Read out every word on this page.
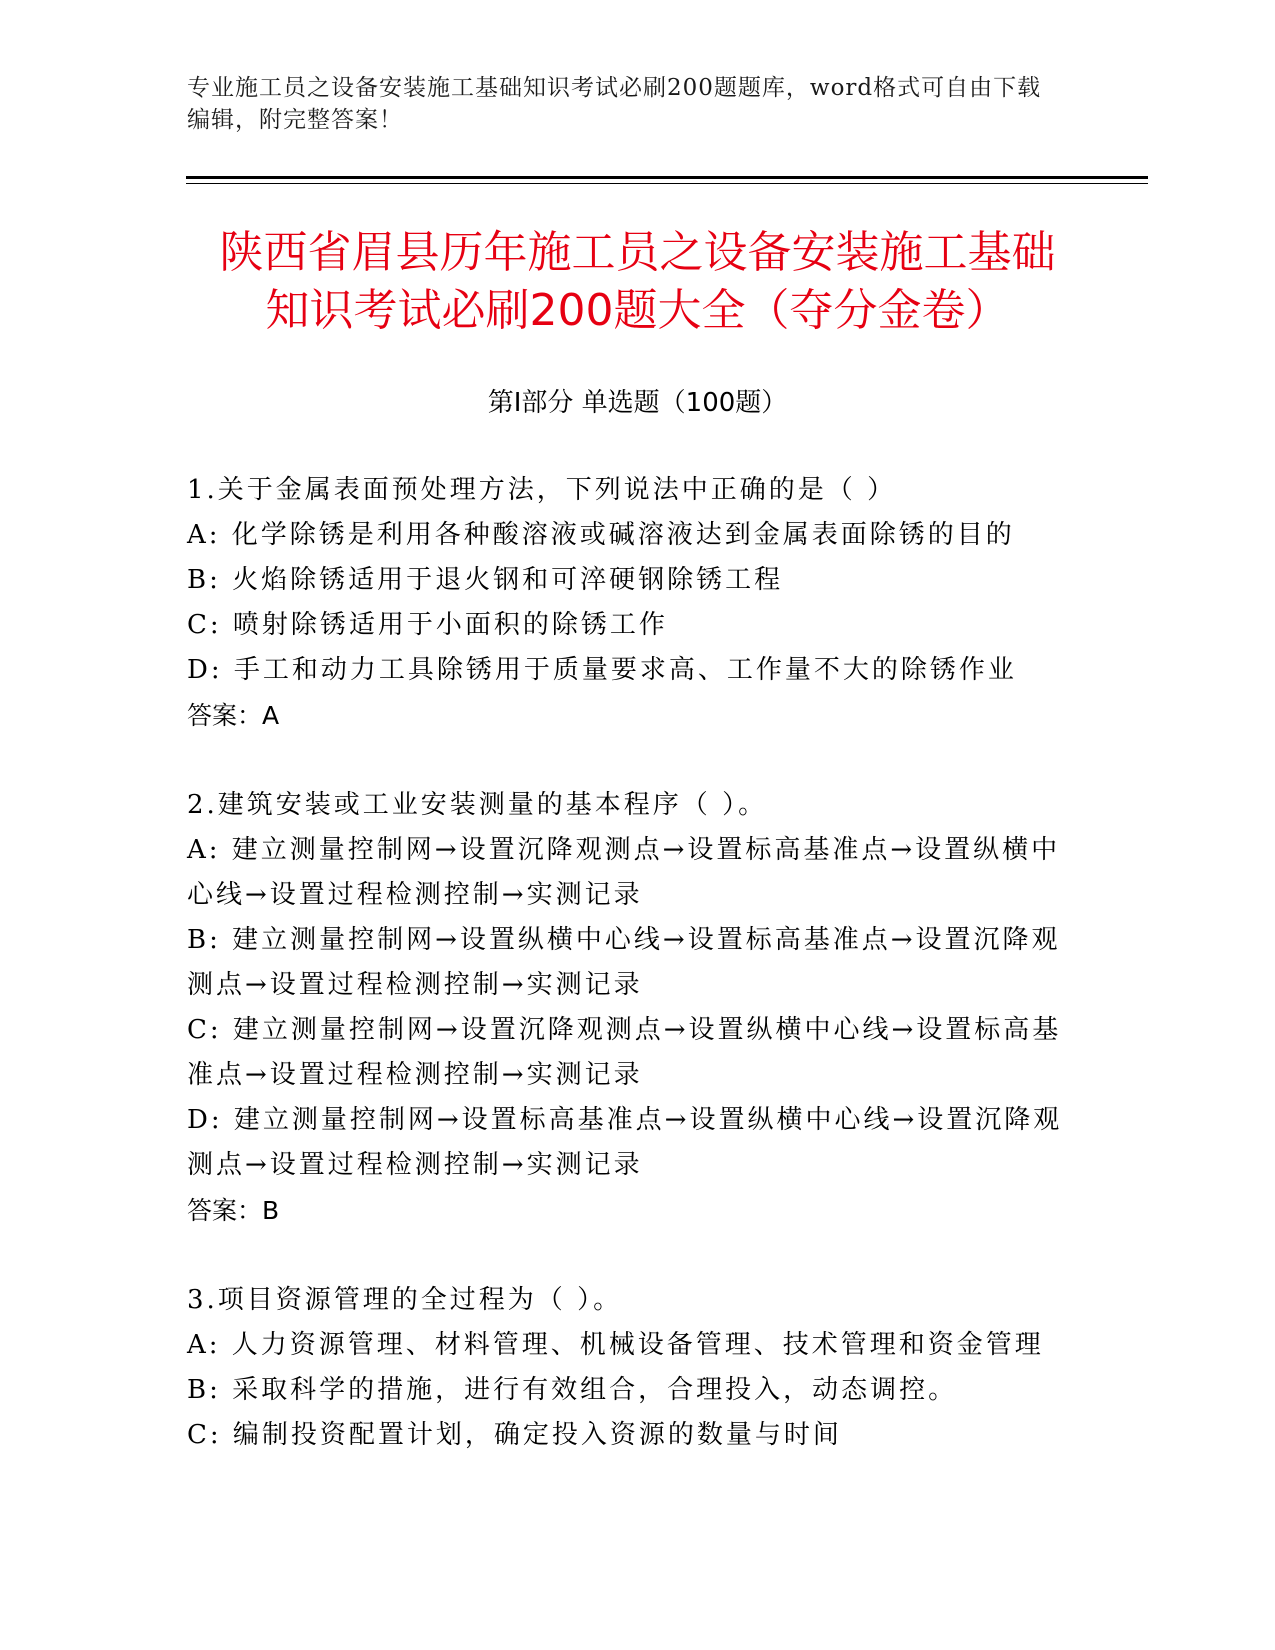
专业施工员之设备安装施工基础知识考试必刷200题题库，word格式可自由下载编辑，附完整答案！
陕西省眉县历年施工员之设备安装施工基础
知识考试必刷200题大全（夺分金卷）
第Ⅰ部分 单选题（100题）
1.关于金属表面预处理方法，下列说法中正确的是（ ）
A: 化学除锈是利用各种酸溶液或碱溶液达到金属表面除锈的目的
B: 火焰除锈适用于退火钢和可淬硬钢除锈工程
C: 喷射除锈适用于小面积的除锈工作
D: 手工和动力工具除锈用于质量要求高、工作量不大的除锈作业
答案：A
2.建筑安装或工业安装测量的基本程序（ ）。
A: 建立测量控制网→设置沉降观测点→设置标高基准点→设置纵横中心线→设置过程检测控制→实测记录
B: 建立测量控制网→设置纵横中心线→设置标高基准点→设置沉降观测点→设置过程检测控制→实测记录
C: 建立测量控制网→设置沉降观测点→设置纵横中心线→设置标高基准点→设置过程检测控制→实测记录
D: 建立测量控制网→设置标高基准点→设置纵横中心线→设置沉降观测点→设置过程检测控制→实测记录
答案：B
3.项目资源管理的全过程为（ ）。
A: 人力资源管理、材料管理、机械设备管理、技术管理和资金管理
B: 采取科学的措施，进行有效组合，合理投入，动态调控。
C: 编制投资配置计划，确定投入资源的数量与时间
